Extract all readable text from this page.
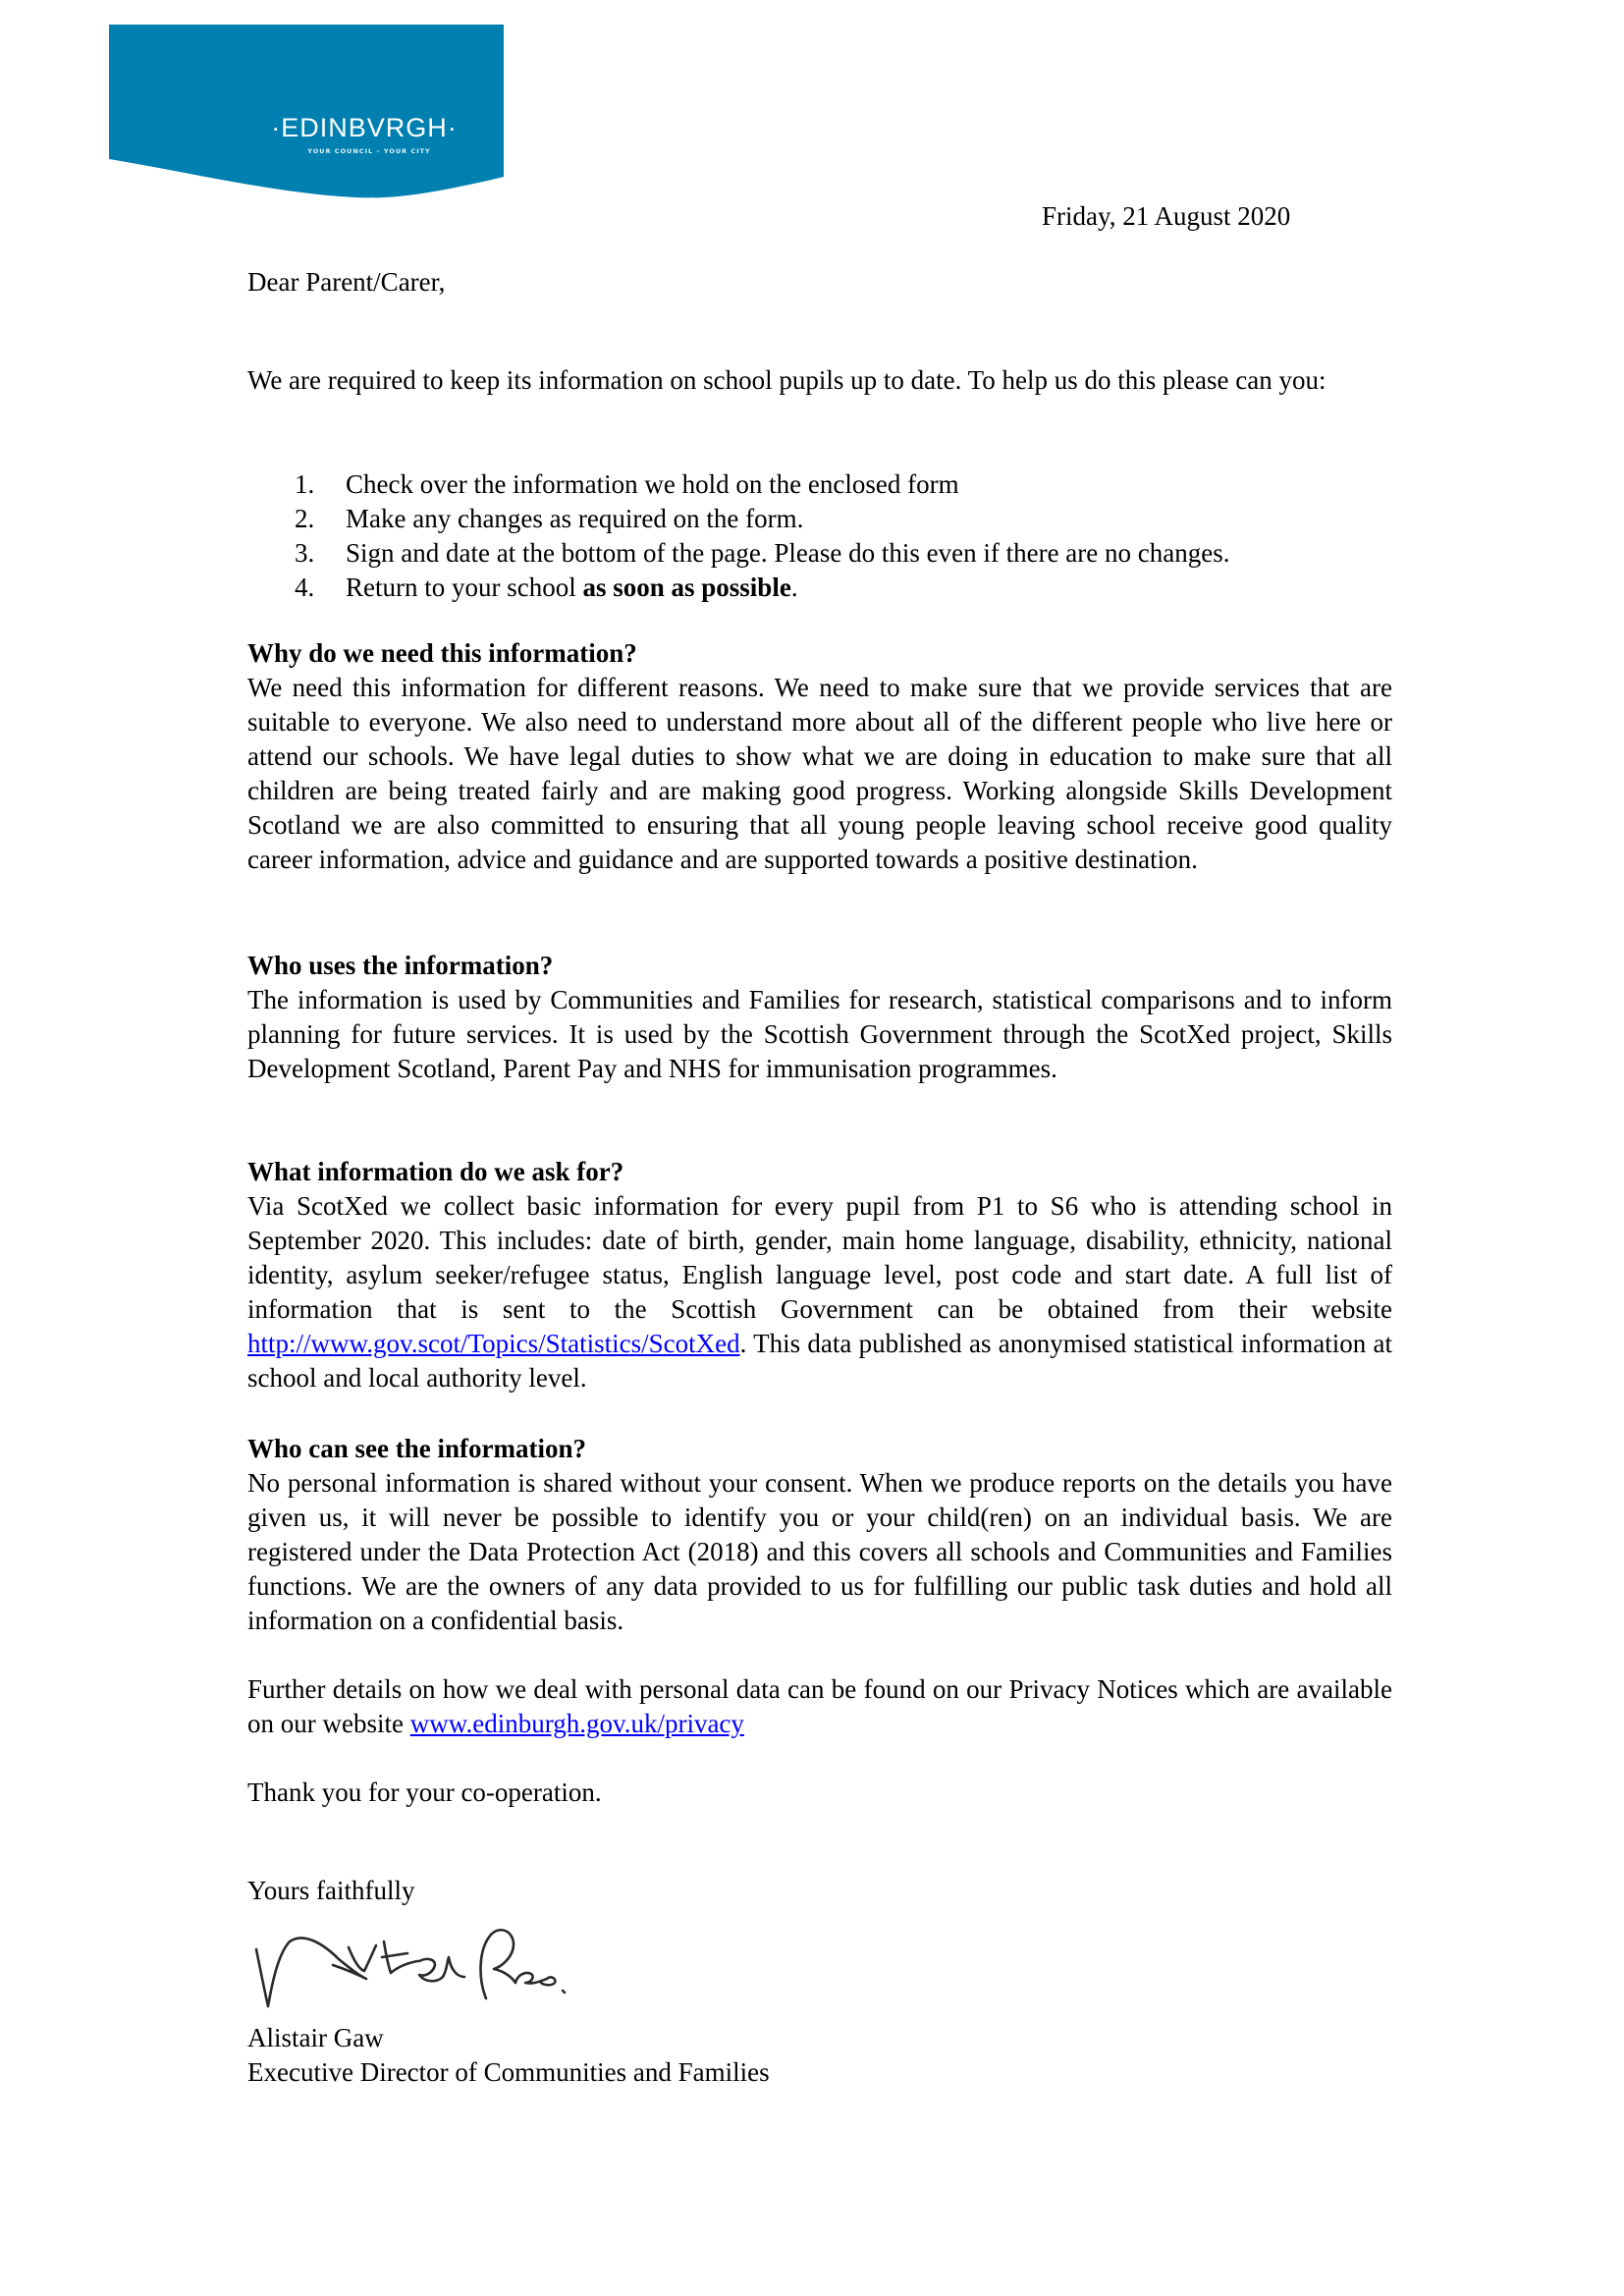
·EDINBVRGH·
YOUR COUNCIL – YOUR CITY
Friday, 21 August 2020
Dear Parent/Carer,

We are required to keep its information on school pupils up to date. To help us do this please can you:

1. Check over the information we hold on the enclosed form
2. Make any changes as required on the form.
3. Sign and date at the bottom of the page. Please do this even if there are no changes.
4. Return to your school as soon as possible.
Why do we need this information?

We need this information for different reasons. We need to make sure that we provide services that are suitable to everyone. We also need to understand more about all of the different people who live here or attend our schools. We have legal duties to show what we are doing in education to make sure that all children are being treated fairly and are making good progress. Working alongside Skills Development Scotland we are also committed to ensuring that all young people leaving school receive good quality career information, advice and guidance and are supported towards a positive destination.

Who uses the information?

The information is used by Communities and Families for research, statistical comparisons and to inform planning for future services. It is used by the Scottish Government through the ScotXed project, Skills Development Scotland, Parent Pay and NHS for immunisation programmes.

What information do we ask for?

Via ScotXed we collect basic information for every pupil from P1 to S6 who is attending school in September 2020. This includes: date of birth, gender, main home language, disability, ethnicity, national identity, asylum seeker/refugee status, English language level, post code and start date. A full list of information that is sent to the Scottish Government can be obtained from their website http://www.gov.scot/Topics/Statistics/ScotXed. This data published as anonymised statistical information at school and local authority level.

Who can see the information?

No personal information is shared without your consent. When we produce reports on the details you have given us, it will never be possible to identify you or your child(ren) on an individual basis. We are registered under the Data Protection Act (2018) and this covers all schools and Communities and Families functions. We are the owners of any data provided to us for fulfilling our public task duties and hold all information on a confidential basis.

Further details on how we deal with personal data can be found on our Privacy Notices which are available on our website www.edinburgh.gov.uk/privacy

Thank you for your co-operation.
Yours faithfully
Alistair Gaw
Executive Director of Communities and Families
